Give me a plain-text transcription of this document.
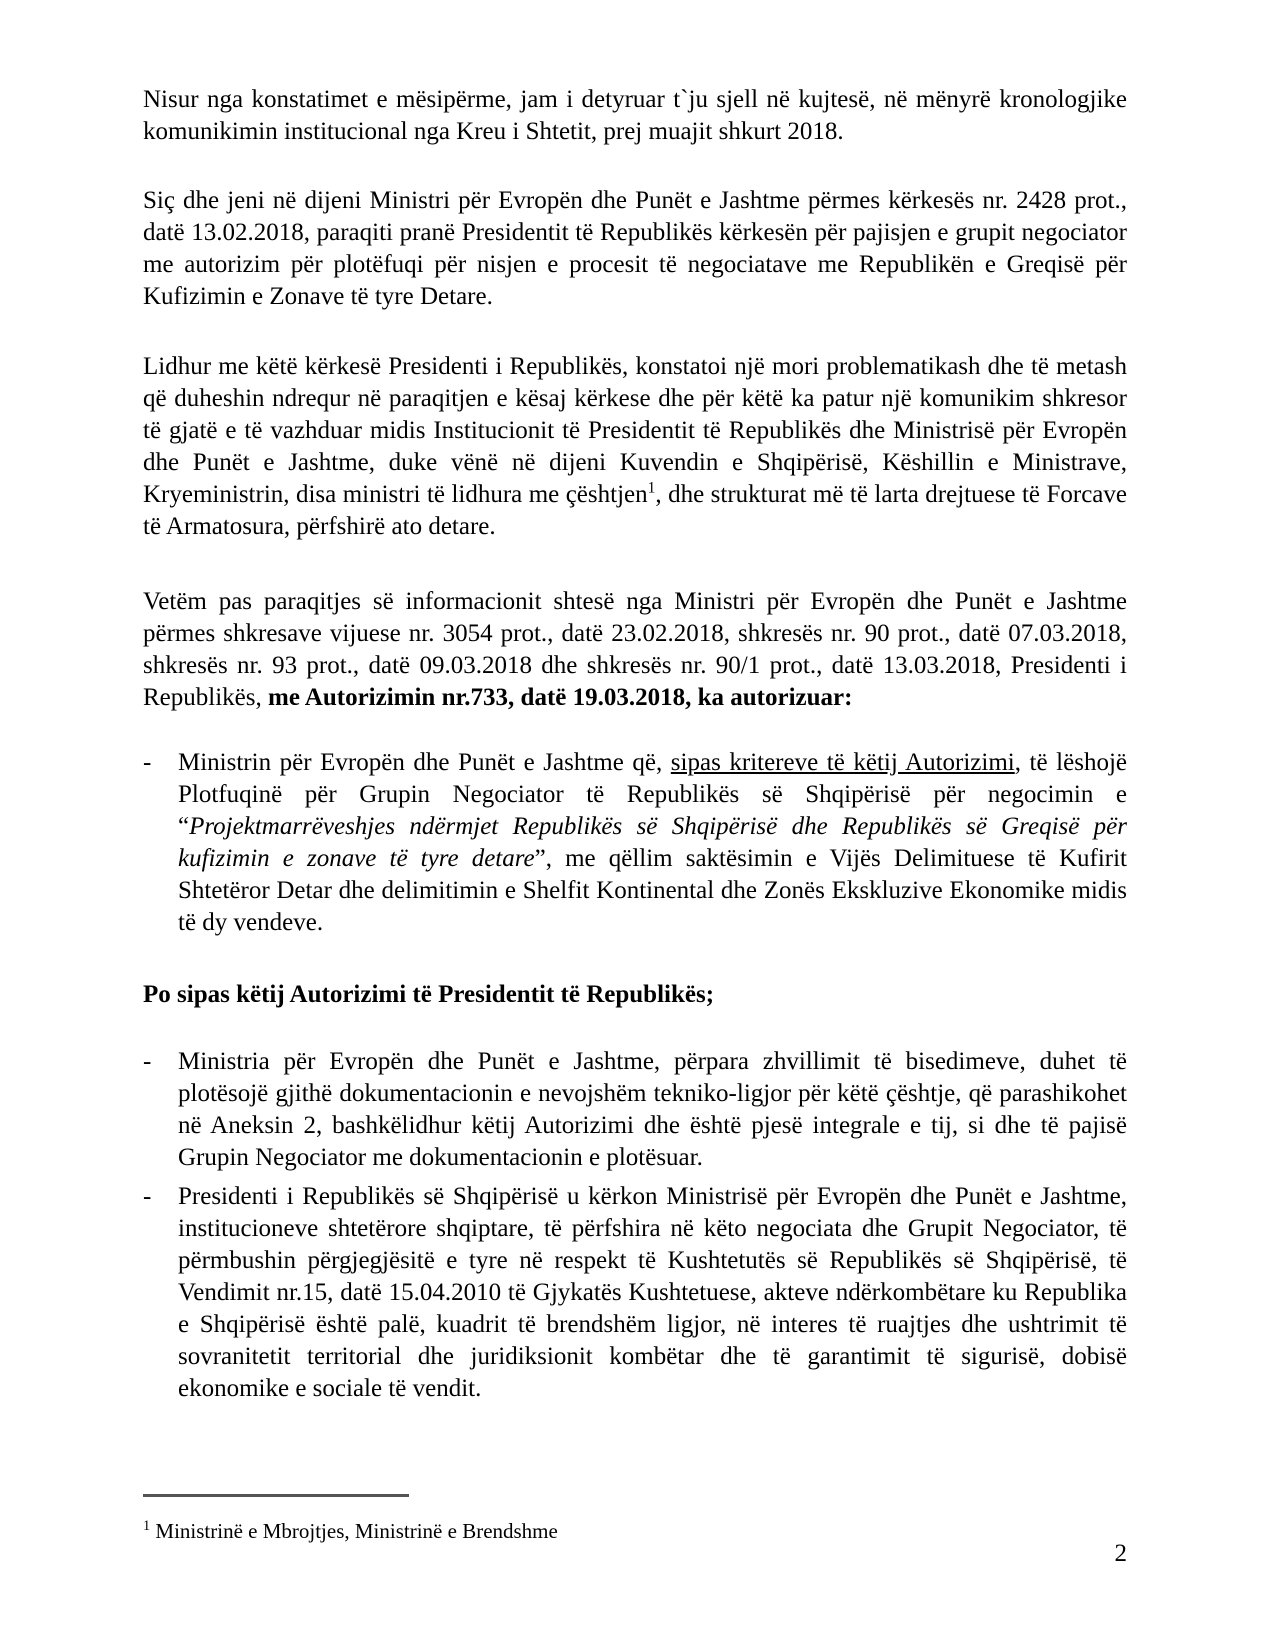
Nisur nga konstatimet e mësipërme, jam i detyruar t`ju sjell në kujtesë, në mënyrë kronologjike komunikimin institucional nga Kreu i Shtetit, prej muajit shkurt 2018.

Siç dhe jeni në dijeni Ministri për Evropën dhe Punët e Jashtme përmes kërkesës nr. 2428 prot., datë 13.02.2018, paraqiti pranë Presidentit të Republikës kërkesën për pajisjen e grupit negociator me autorizim për plotëfuqi për nisjen e procesit të negociatave me Republikën e Greqisë për Kufizimin e Zonave të tyre Detare.

Lidhur me këtë kërkesë Presidenti i Republikës, konstatoi një mori problematikash dhe të metash që duheshin ndrequr në paraqitjen e kësaj kërkese dhe për këtë ka patur një komunikim shkresor të gjatë e të vazhduar midis Institucionit të Presidentit të Republikës dhe Ministrisë për Evropën dhe Punët e Jashtme, duke vënë në dijeni Kuvendin e Shqipërisë, Këshillin e Ministrave, Kryeministrin, disa ministri të lidhura me çështjen$^1$, dhe strukturat më të larta drejtuese të Forcave të Armatosura, përfshirë ato detare.

Vetëm pas paraqitjes së informacionit shtesë nga Ministri për Evropën dhe Punët e Jashtme përmes shkresave vijuese nr. 3054 prot., datë 23.02.2018, shkresës nr. 90 prot., datë 07.03.2018, shkresës nr. 93 prot., datë 09.03.2018 dhe shkresës nr. 90/1 prot., datë 13.03.2018, Presidenti i Republikës, me Autorizimin nr.733, datë 19.03.2018, ka autorizuar:

- Ministrin për Evropën dhe Punët e Jashtme që, sipas kritereve të këtij Autorizimi, të lëshojë Plotfuqinë për Grupin Negociator të Republikës së Shqipërisë për negocimin e “Projektmarrëveshjes ndërmjet Republikës së Shqipërisë dhe Republikës së Greqisë për kufizimin e zonave të tyre detare”, me qëllim saktësimin e Vijës Delimituese të Kufirit Shtetëror Detar dhe delimitimin e Shelfit Kontinental dhe Zonës Ekskluzive Ekonomike midis të dy vendeve.

Po sipas këtij Autorizimi të Presidentit të Republikës;

- Ministria për Evropën dhe Punët e Jashtme, përpara zhvillimit të bisedimeve, duhet të plotësojë gjithë dokumentacionin e nevojshëm tekniko-ligjor për këtë çështje, që parashikohet në Aneksin 2, bashkëlidhur këtij Autorizimi dhe është pjesë integrale e tij, si dhe të pajisë Grupin Negociator me dokumentacionin e plotësuar.

- Presidenti i Republikës së Shqipërisë u kërkon Ministrisë për Evropën dhe Punët e Jashtme, institucioneve shtetërore shqiptare, të përfshira në këto negociata dhe Grupit Negociator, të përmbushin përgjegjësitë e tyre në respekt të Kushtetutës së Republikës së Shqipërisë, të Vendimit nr.15, datë 15.04.2010 të Gjykatës Kushtetuese, akteve ndërkombëtare ku Republika e Shqipërisë është palë, kuadrit të brendshëm ligjor, në interes të ruajtjes dhe ushtrimit të sovranitetit territorial dhe juridiksionit kombëtar dhe të garantimit të sigurisë, dobisë ekonomike e sociale të vendit.

$^1$ Ministrinë e Mbrojtjes, Ministrinë e Brendshme

2
